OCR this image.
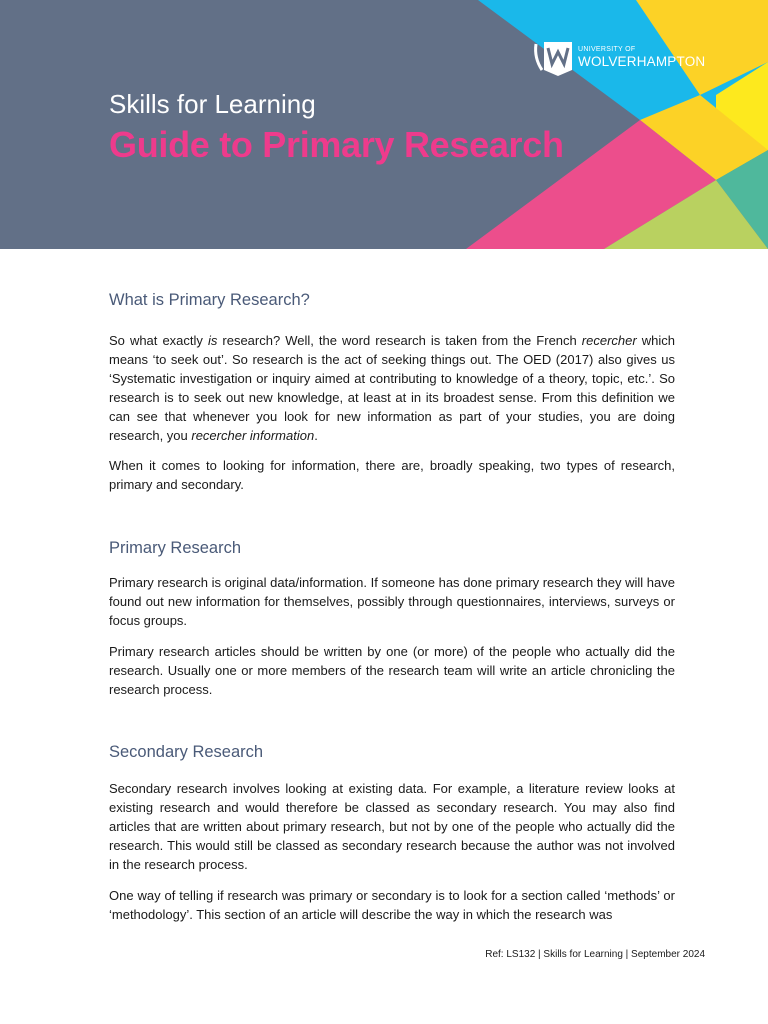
UNIVERSITY OF
WOLVERHAMPTON
Skills for Learning
Guide to Primary Research
What is Primary Research?

So what exactly is research? Well, the word research is taken from the French recercher which means ‘to seek out’. So research is the act of seeking things out. The OED (2017) also gives us ‘Systematic investigation or inquiry aimed at contributing to knowledge of a theory, topic, etc.’. So research is to seek out new knowledge, at least at in its broadest sense. From this definition we can see that whenever you look for new information as part of your studies, you are doing research, you recercher information.

When it comes to looking for information, there are, broadly speaking, two types of research, primary and secondary.

Primary Research

Primary research is original data/information. If someone has done primary research they will have found out new information for themselves, possibly through questionnaires, interviews, surveys or focus groups.

Primary research articles should be written by one (or more) of the people who actually did the research. Usually one or more members of the research team will write an article chronicling the research process.

Secondary Research

Secondary research involves looking at existing data. For example, a literature review looks at existing research and would therefore be classed as secondary research. You may also find articles that are written about primary research, but not by one of the people who actually did the research. This would still be classed as secondary research because the author was not involved in the research process.

One way of telling if research was primary or secondary is to look for a section called ‘methods’ or ‘methodology’. This section of an article will describe the way in which the research was

Ref: LS132 | Skills for Learning | September 2024
